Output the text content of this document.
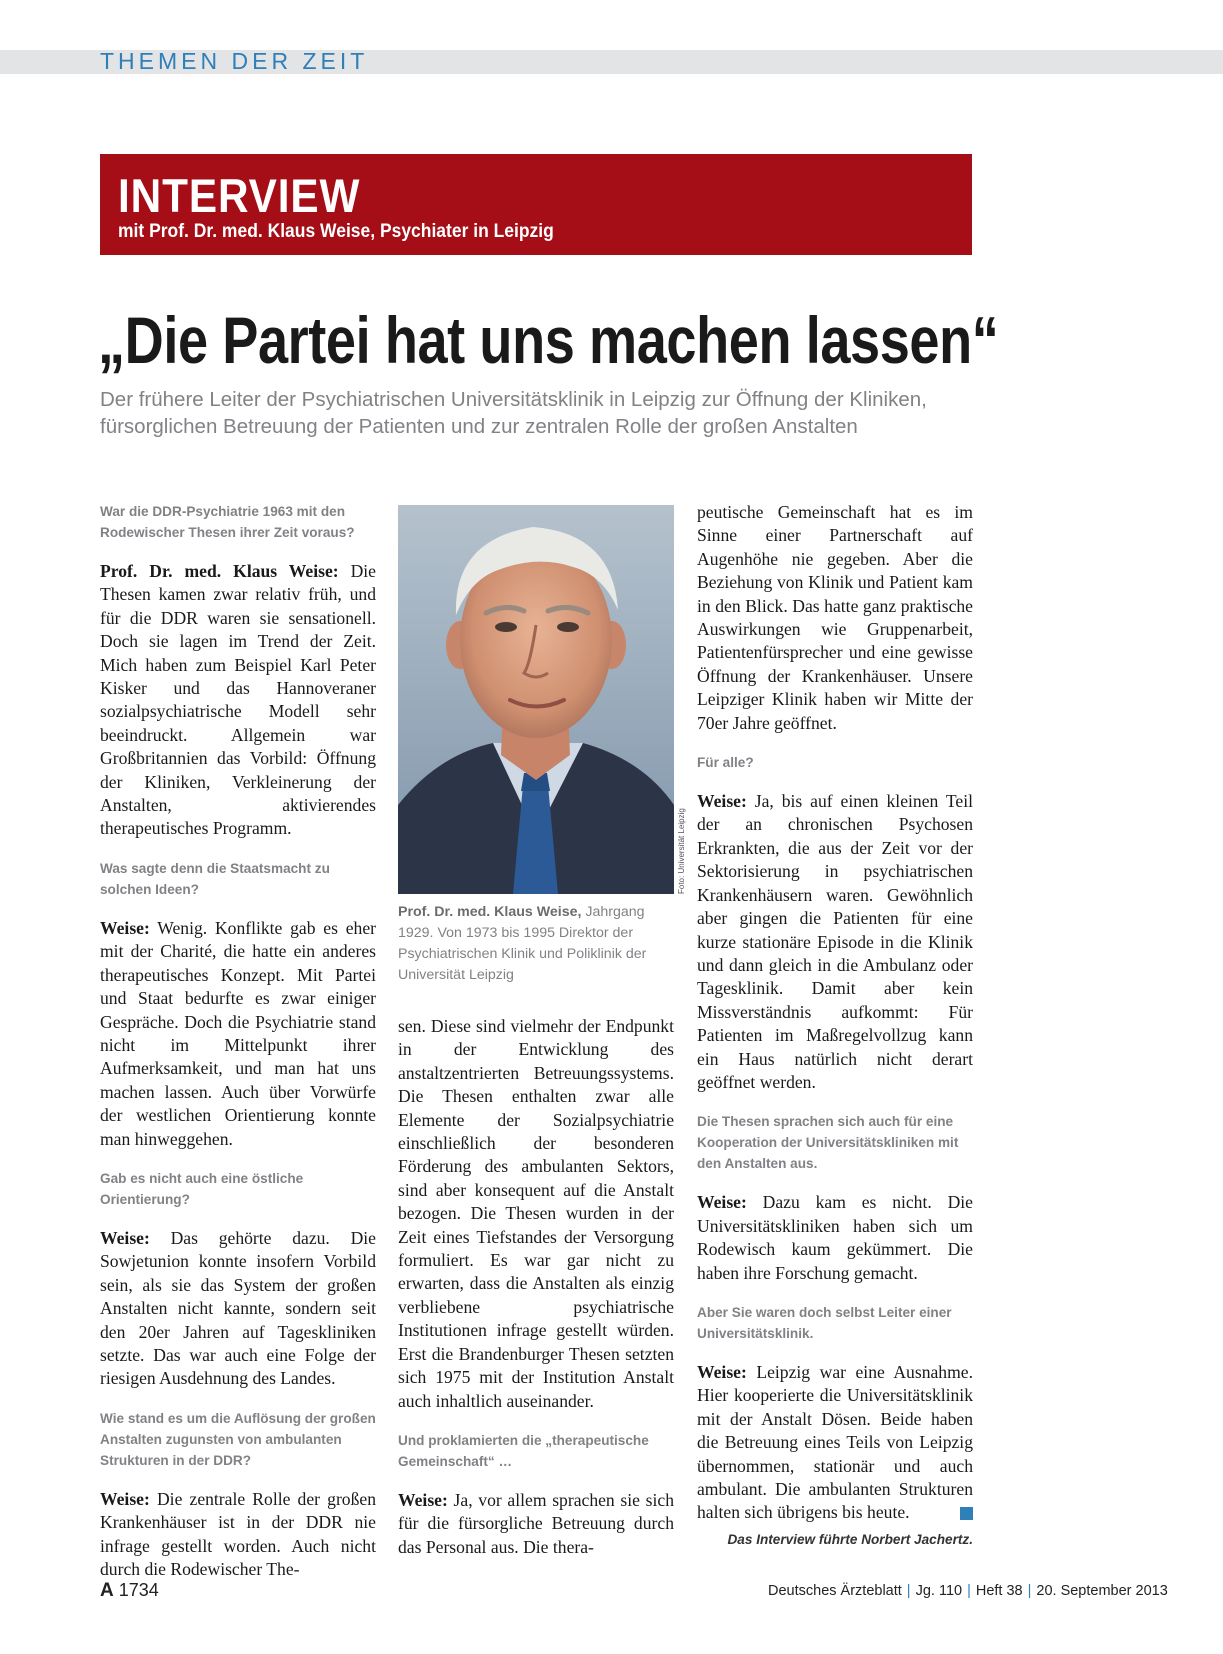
THEMEN DER ZEIT
INTERVIEW
mit Prof. Dr. med. Klaus Weise, Psychiater in Leipzig
„Die Partei hat uns machen lassen“
Der frühere Leiter der Psychiatrischen Universitätsklinik in Leipzig zur Öffnung der Kliniken, fürsorglichen Betreuung der Patienten und zur zentralen Rolle der großen Anstalten

War die DDR-Psychiatrie 1963 mit den Rodewischer Thesen ihrer Zeit voraus?

Prof. Dr. med. Klaus Weise: Die Thesen kamen zwar relativ früh, und für die DDR waren sie sensationell. Doch sie lagen im Trend der Zeit. Mich haben zum Beispiel Karl Peter Kisker und das Hannoveraner sozialpsychiatrische Modell sehr beeindruckt. Allgemein war Großbritannien das Vorbild: Öffnung der Kliniken, Verkleinerung der Anstalten, aktivierendes therapeutisches Programm.

Was sagte denn die Staatsmacht zu solchen Ideen?

Weise: Wenig. Konflikte gab es eher mit der Charité, die hatte ein anderes therapeutisches Konzept. Mit Partei und Staat bedurfte es zwar einiger Gespräche. Doch die Psychiatrie stand nicht im Mittelpunkt ihrer Aufmerksamkeit, und man hat uns machen lassen. Auch über Vorwürfe der westlichen Orientierung konnte man hinweggehen.

Gab es nicht auch eine östliche Orientierung?

Weise: Das gehörte dazu. Die Sowjetunion konnte insofern Vorbild sein, als sie das System der großen Anstalten nicht kannte, sondern seit den 20er Jahren auf Tageskliniken setzte. Das war auch eine Folge der riesigen Ausdehnung des Landes.

Wie stand es um die Auflösung der großen Anstalten zugunsten von ambulanten Strukturen in der DDR?

Weise: Die zentrale Rolle der großen Krankenhäuser ist in der DDR nie infrage gestellt worden. Auch nicht durch die Rodewischer The-

Foto: Universität Leipzig
Prof. Dr. med. Klaus Weise, Jahrgang 1929. Von 1973 bis 1995 Direktor der Psychiatrischen Klinik und Poliklinik der Universität Leipzig

sen. Diese sind vielmehr der Endpunkt in der Entwicklung des anstaltzentrierten Betreuungssystems. Die Thesen enthalten zwar alle Elemente der Sozialpsychiatrie einschließlich der besonderen Förderung des ambulanten Sektors, sind aber konsequent auf die Anstalt bezogen. Die Thesen wurden in der Zeit eines Tiefstandes der Versorgung formuliert. Es war gar nicht zu erwarten, dass die Anstalten als einzig verbliebene psychiatrische Institutionen infrage gestellt würden. Erst die Brandenburger Thesen setzten sich 1975 mit der Institution Anstalt auch inhaltlich auseinander.

Und proklamierten die „therapeutische Gemeinschaft“ …

Weise: Ja, vor allem sprachen sie sich für die fürsorgliche Betreuung durch das Personal aus. Die thera-

peutische Gemeinschaft hat es im Sinne einer Partnerschaft auf Augenhöhe nie gegeben. Aber die Beziehung von Klinik und Patient kam in den Blick. Das hatte ganz praktische Auswirkungen wie Gruppenarbeit, Patientenfürsprecher und eine gewisse Öffnung der Krankenhäuser. Unsere Leipziger Klinik haben wir Mitte der 70er Jahre geöffnet.

Für alle?

Weise: Ja, bis auf einen kleinen Teil der an chronischen Psychosen Erkrankten, die aus der Zeit vor der Sektorisierung in psychiatrischen Krankenhäusern waren. Gewöhnlich aber gingen die Patienten für eine kurze stationäre Episode in die Klinik und dann gleich in die Ambulanz oder Tagesklinik. Damit aber kein Missverständnis aufkommt: Für Patienten im Maßregelvollzug kann ein Haus natürlich nicht derart geöffnet werden.

Die Thesen sprachen sich auch für eine Kooperation der Universitätskliniken mit den Anstalten aus.

Weise: Dazu kam es nicht. Die Universitätskliniken haben sich um Rodewisch kaum gekümmert. Die haben ihre Forschung gemacht.

Aber Sie waren doch selbst Leiter einer Universitätsklinik.

Weise: Leipzig war eine Ausnahme. Hier kooperierte die Universitätsklinik mit der Anstalt Dösen. Beide haben die Betreuung eines Teils von Leipzig übernommen, stationär und auch ambulant. Die ambulanten Strukturen halten sich übrigens bis heute.

Das Interview führte Norbert Jachertz.
A 1734	Deutsches Ärzteblatt | Jg. 110 | Heft 38 | 20. September 2013
